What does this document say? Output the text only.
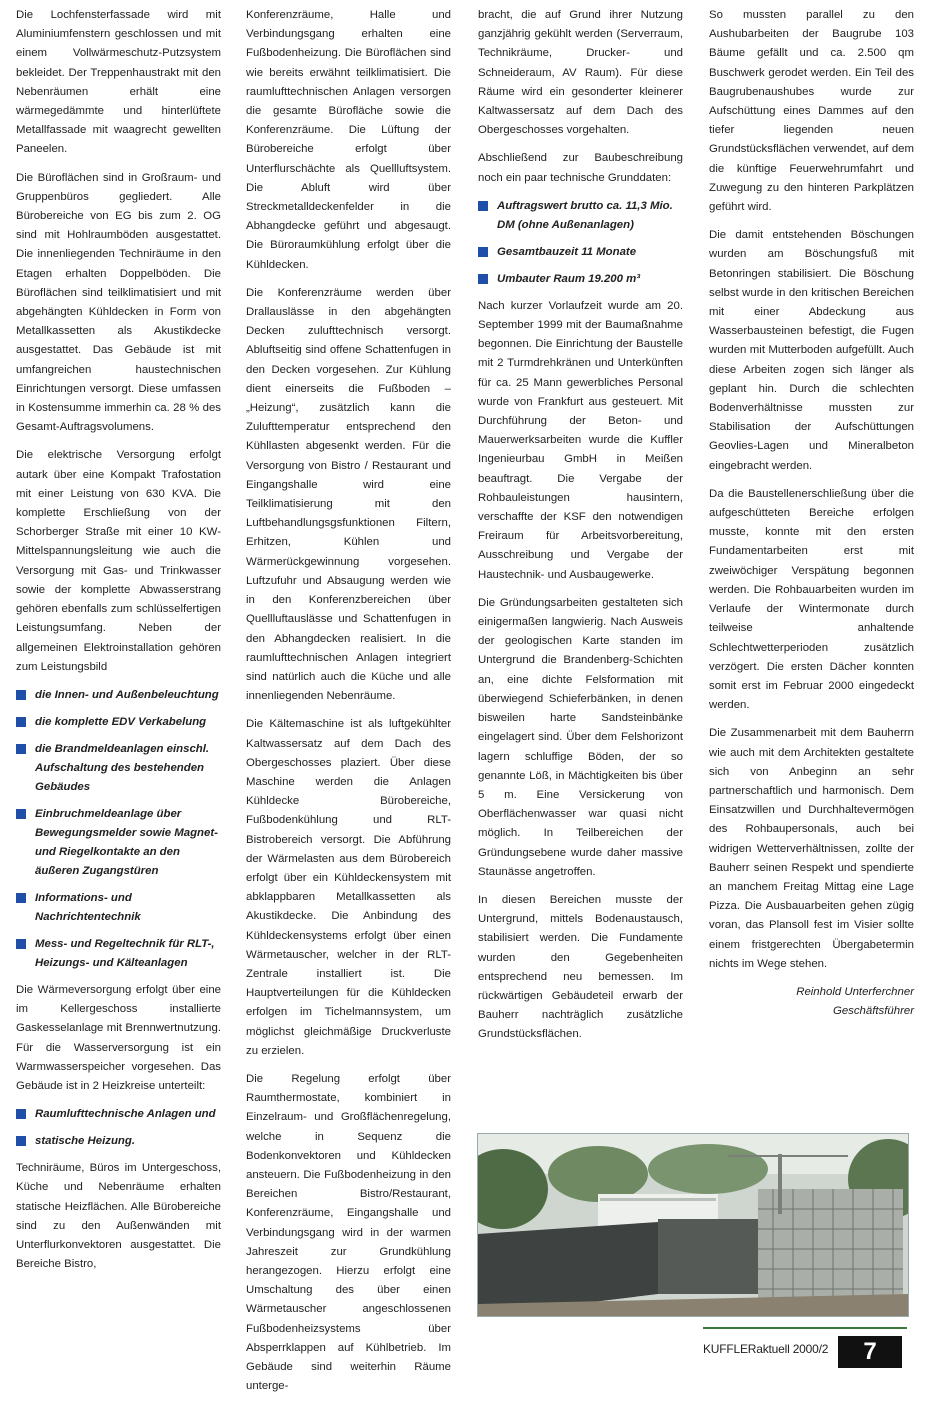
Die Lochfensterfassade wird mit Aluminiumfenstern geschlossen und mit einem Vollwärmeschutz-Putzsystem bekleidet. Der Treppenhaustrakt mit den Nebenräumen erhält eine wärmegedämmte und hinterlüftete Metallfassade mit waagrecht gewellten Paneelen.

Die Büroflächen sind in Großraum- und Gruppenbüros gegliedert. Alle Bürobereiche von EG bis zum 2. OG sind mit Hohlraumböden ausgestattet. Die innenliegenden Techniräume in den Etagen erhalten Doppelböden. Die Büroflächen sind teilklimatisiert und mit abgehängten Kühldecken in Form von Metallkassetten als Akustikdecke ausgestattet. Das Gebäude ist mit umfangreichen haustechnischen Einrichtungen versorgt. Diese umfassen in Kostensumme immerhin ca. 28 % des Gesamt-Auftragsvolumens.

Die elektrische Versorgung erfolgt autark über eine Kompakt Trafostation mit einer Leistung von 630 KVA. Die komplette Erschließung von der Schorberger Straße mit einer 10 KW-Mittelspannungsleitung wie auch die Versorgung mit Gas- und Trinkwasser sowie der komplette Abwasserstrang gehören ebenfalls zum schlüsselfertigen Leistungsumfang. Neben der allgemeinen Elektroinstallation gehören zum Leistungsbild

die Innen- und Außenbeleuchtung
die komplette EDV Verkabelung
die Brandmeldeanlagen einschl. Aufschaltung des bestehenden Gebäudes
Einbruchmeldeanlage über Bewegungsmelder sowie Magnet- und Riegelkontakte an den äußeren Zugangstüren
Informations- und Nachrichtentechnik
Mess- und Regeltechnik für RLT-, Heizungs- und Kälteanlagen

Die Wärmeversorgung erfolgt über eine im Kellergeschoss installierte Gaskesselanlage mit Brennwertnutzung. Für die Wasserversorgung ist ein Warmwasserspeicher vorgesehen. Das Gebäude ist in 2 Heizkreise unterteilt:

Raumlufttechnische Anlagen und
statische Heizung.

Techniräume, Büros im Untergeschoss, Küche und Nebenräume erhalten statische Heizflächen. Alle Bürobereiche sind zu den Außenwänden mit Unterflurkonvektoren ausgestattet. Die Bereiche Bistro,

Konferenzräume, Halle und Verbindungsgang erhalten eine Fußbodenheizung. Die Büroflächen sind wie bereits erwähnt teilklimatisiert. Die raumlufttechnischen Anlagen versorgen die gesamte Bürofläche sowie die Konferenzräume. Die Lüftung der Bürobereiche erfolgt über Unterflurschächte als Quellluftsystem. Die Abluft wird über Streckmetalldeckenfelder in die Abhangdecke geführt und abgesaugt. Die Büroraumkühlung erfolgt über die Kühldecken.

Die Konferenzräume werden über Drallauslässe in den abgehängten Decken zulufttechnisch versorgt. Abluftseitig sind offene Schattenfugen in den Decken vorgesehen. Zur Kühlung dient einerseits die Fußboden – „Heizung“, zusätzlich kann die Zulufttemperatur entsprechend den Kühllasten abgesenkt werden. Für die Versorgung von Bistro / Restaurant und Eingangshalle wird eine Teilklimatisierung mit den Luftbehandlungsgsfunktionen Filtern, Erhitzen, Kühlen und Wärmerückgewinnung vorgesehen. Luftzufuhr und Absaugung werden wie in den Konferenzbereichen über Quellluftauslässe und Schattenfugen in den Abhangdecken realisiert. In die raumlufttechnischen Anlagen integriert sind natürlich auch die Küche und alle innenliegenden Nebenräume.

Die Kältemaschine ist als luftgekühlter Kaltwassersatz auf dem Dach des Obergeschosses plaziert. Über diese Maschine werden die Anlagen Kühldecke Bürobereiche, Fußbodenkühlung und RLT-Bistrobereich versorgt. Die Abführung der Wärmelasten aus dem Bürobereich erfolgt über ein Kühldeckensystem mit abklappbaren Metallkassetten als Akustikdecke. Die Anbindung des Kühldeckensystems erfolgt über einen Wärmetauscher, welcher in der RLT-Zentrale installiert ist. Die Hauptverteilungen für die Kühldecken erfolgen im Tichelmannsystem, um möglichst gleichmäßige Druckverluste zu erzielen.

Die Regelung erfolgt über Raumthermostate, kombiniert in Einzelraum- und Großflächenregelung, welche in Sequenz die Bodenkonvektoren und Kühldecken ansteuern. Die Fußbodenheizung in den Bereichen Bistro/Restaurant, Konferenzräume, Eingangshalle und Verbindungsgang wird in der warmen Jahreszeit zur Grundkühlung herangezogen. Hierzu erfolgt eine Umschaltung des über einen Wärmetauscher angeschlossenen Fußbodenheizsystems über Absperrklappen auf Kühlbetrieb. Im Gebäude sind weiterhin Räume unterge-

bracht, die auf Grund ihrer Nutzung ganzjährig gekühlt werden (Serverraum, Technikräume, Drucker- und Schneideraum, AV Raum). Für diese Räume wird ein gesonderter kleinerer Kaltwassersatz auf dem Dach des Obergeschosses vorgehalten.

Abschließend zur Baubeschreibung noch ein paar technische Grunddaten:

Auftragswert brutto ca. 11,3 Mio. DM (ohne Außenanlagen)
Gesamtbauzeit 11 Monate
Umbauter Raum 19.200 m³

Nach kurzer Vorlaufzeit wurde am 20. September 1999 mit der Baumaßnahme begonnen. Die Einrichtung der Baustelle mit 2 Turmdrehkränen und Unterkünften für ca. 25 Mann gewerbliches Personal wurde von Frankfurt aus gesteuert. Mit Durchführung der Beton- und Mauerwerksarbeiten wurde die Kuffler Ingenieurbau GmbH in Meißen beauftragt. Die Vergabe der Rohbauleistungen hausintern, verschaffte der KSF den notwendigen Freiraum für Arbeitsvorbereitung, Ausschreibung und Vergabe der Haustechnik- und Ausbaugewerke.

Die Gründungsarbeiten gestalteten sich einigermaßen langwierig. Nach Ausweis der geologischen Karte standen im Untergrund die Brandenberg-Schichten an, eine dichte Felsformation mit überwiegend Schieferbänken, in denen bisweilen harte Sandsteinbänke eingelagert sind. Über dem Felshorizont lagern schluffige Böden, der so genannte Löß, in Mächtigkeiten bis über 5 m. Eine Versickerung von Oberflächenwasser war quasi nicht möglich. In Teilbereichen der Gründungsebene wurde daher massive Staunässe angetroffen.

In diesen Bereichen musste der Untergrund, mittels Bodenaustausch, stabilisiert werden. Die Fundamente wurden den Gegebenheiten entsprechend neu bemessen. Im rückwärtigen Gebäudeteil erwarb der Bauherr nachträglich zusätzliche Grundstücksflächen.

So mussten parallel zu den Aushubarbeiten der Baugrube 103 Bäume gefällt und ca. 2.500 qm Buschwerk gerodet werden. Ein Teil des Baugrubenaushubes wurde zur Aufschüttung eines Dammes auf den tiefer liegenden neuen Grundstücksflächen verwendet, auf dem die künftige Feuerwehrumfahrt und Zuwegung zu den hinteren Parkplätzen geführt wird.

Die damit entstehenden Böschungen wurden am Böschungsfuß mit Betonringen stabilisiert. Die Böschung selbst wurde in den kritischen Bereichen mit einer Abdeckung aus Wasserbausteinen befestigt, die Fugen wurden mit Mutterboden aufgefüllt. Auch diese Arbeiten zogen sich länger als geplant hin. Durch die schlechten Bodenverhältnisse mussten zur Stabilisation der Aufschüttungen Geovlies-Lagen und Mineralbeton eingebracht werden.

Da die Baustellenerschließung über die aufgeschütteten Bereiche erfolgen musste, konnte mit den ersten Fundamentarbeiten erst mit zweiwöchiger Verspätung begonnen werden. Die Rohbauarbeiten wurden im Verlaufe der Wintermonate durch teilweise anhaltende Schlechtwetterperioden zusätzlich verzögert. Die ersten Dächer konnten somit erst im Februar 2000 eingedeckt werden.

Die Zusammenarbeit mit dem Bauherrn wie auch mit dem Architekten gestaltete sich von Anbeginn an sehr partnerschaftlich und harmonisch. Dem Einsatzwillen und Durchhaltevermögen des Rohbaupersonals, auch bei widrigen Wetterverhältnissen, zollte der Bauherr seinen Respekt und spendierte an manchem Freitag Mittag eine Lage Pizza. Die Ausbauarbeiten gehen zügig voran, das Plansoll fest im Visier sollte einem fristgerechten Übergabetermin nichts im Wege stehen.

Reinhold Unterferchner
Geschäftsführer
KUFFLERaktuell 2000/2	7
